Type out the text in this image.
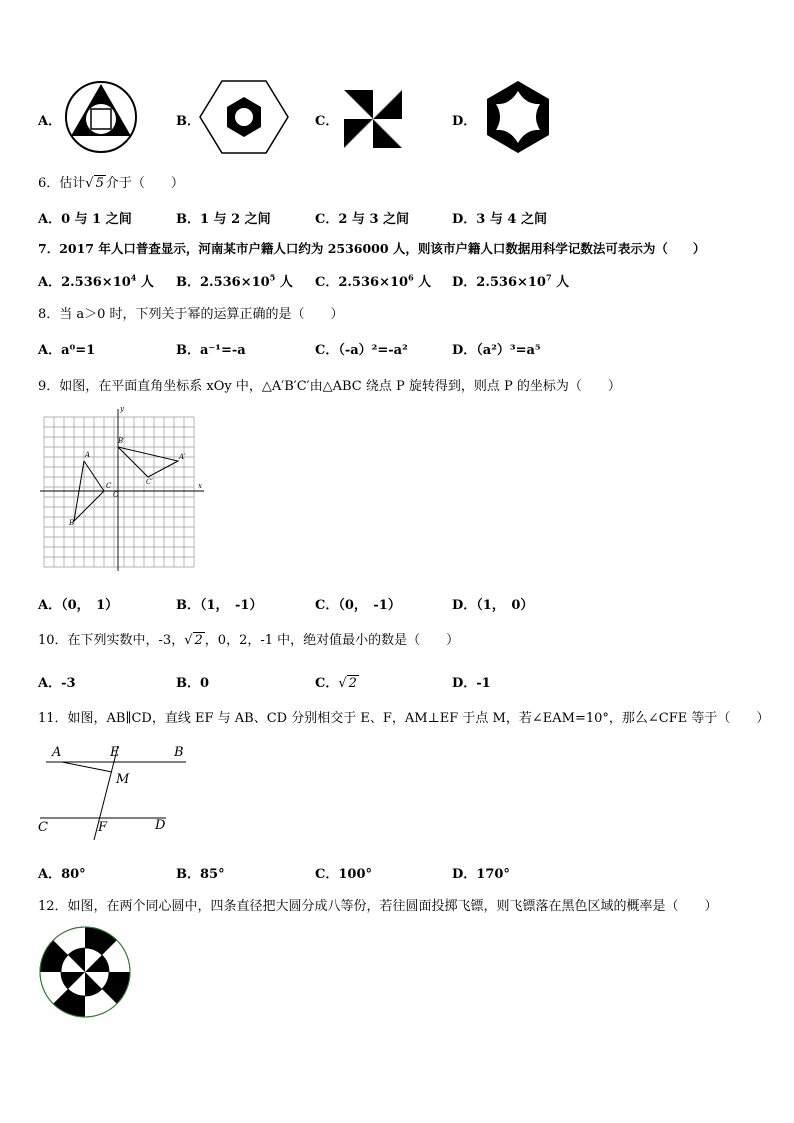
A．	B．	C．	D．
6．估计√ 5 介于（　　）
A．0 与 1 之间	B．1 与 2 之间	C．2 与 3 之间	D．3 与 4 之间
7．2017 年人口普查显示，河南某市户籍人口约为 2536000 人，则该市户籍人口数据用科学记数法可表示为（　　）
A．$2.536\times 10^4$ 人 B．$2.536\times 10^5$ 人 C．$2.536\times 10^6$ 人 D．$2.536\times 10^7$ 人
8．当 a＞0 时，下列关于幂的运算正确的是（　　）
A．a⁰=1	B．a⁻¹=-a	C．（-a）²=-a²	D．（a²）³=a⁵
9．如图，在平面直角坐标系 xOy 中，△A′B′C′由△ABC 绕点 P 旋转得到，则点 P 的坐标为（　　）
y
x
O
A
B
C
A′
B′
C′
A．（0，　1）	B．（1，　-1）	C．（0，　-1）	D．（1，　0）
10．在下列实数中，-3，√ 2 ，0，2，-1 中，绝对值最小的数是（　　）
A．-3	B．0	C．√ 2	D．-1
11．如图，AB∥CD，直线 EF 与 AB、CD 分别相交于 E、F，AM⊥EF 于点 M，若∠EAM=10°，那么∠CFE 等于（　　）
A	E	B
M
C	F	D
A．80°	B．85°	C．100°	D．170°
12．如图，在两个同心圆中，四条直径把大圆分成八等份，若往圆面投掷飞镖，则飞镖落在黑色区域的概率是（　　）
